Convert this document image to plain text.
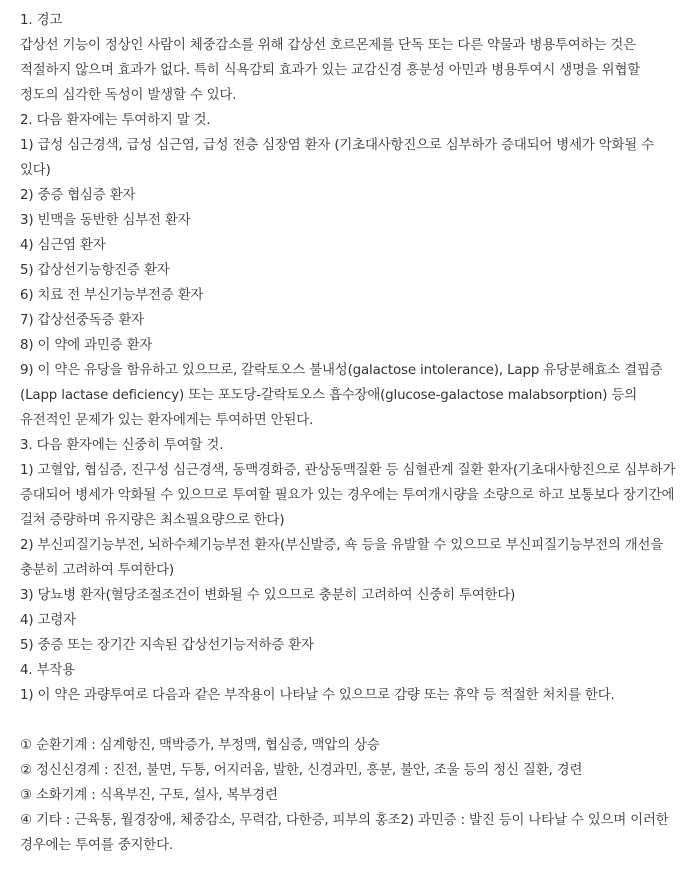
1. 경고

갑상선 기능이 정상인 사람이 체중감소를 위해 갑상선 호르몬제를 단독 또는 다른 약물과 병용투여하는 것은 적절하지 않으며 효과가 없다. 특히 식욕감퇴 효과가 있는 교감신경 흥분성 아민과 병용투여시 생명을 위협할 정도의 심각한 독성이 발생할 수 있다.

2. 다음 환자에는 투여하지 말 것.

1) 급성 심근경색, 급성 심근염, 급성 전층 심장염 환자 (기초대사항진으로 심부하가 증대되어 병세가 악화될 수 있다)

2) 중증 협심증 환자

3) 빈맥을 동반한 심부전 환자

4) 심근염 환자

5) 갑상선기능항진증 환자

6) 치료 전 부신기능부전증 환자

7) 갑상선중독증 환자

8) 이 약에 과민증 환자

9) 이 약은 유당을 함유하고 있으므로, 갈락토오스 불내성(galactose intolerance), Lapp 유당분해효소 결핍증(Lapp lactase deficiency) 또는 포도당-갈락토오스 흡수장애(glucose-galactose malabsorption) 등의 유전적인 문제가 있는 환자에게는 투여하면 안된다.

3. 다음 환자에는 신중히 투여할 것.

1) 고혈압, 협심증, 진구성 심근경색, 동맥경화증, 관상동맥질환 등 심혈관계 질환 환자(기초대사항진으로 심부하가 증대되어 병세가 악화될 수 있으므로 투여할 필요가 있는 경우에는 투여개시량을 소량으로 하고 보통보다 장기간에 걸쳐 증량하며 유지량은 최소필요량으로 한다)

2) 부신피질기능부전, 뇌하수체기능부전 환자(부신발증, 쇽 등을 유발할 수 있으므로 부신피질기능부전의 개선을 충분히 고려하여 투여한다)

3) 당뇨병 환자(혈당조절조건이 변화될 수 있으므로 충분히 고려하여 신중히 투여한다)

4) 고령자

5) 중증 또는 장기간 지속된 갑상선기능저하증 환자

4. 부작용

1) 이 약은 과량투여로 다음과 같은 부작용이 나타날 수 있으므로 감량 또는 휴약 등 적절한 처치를 한다.

① 순환기계 : 심계항진, 맥박증가, 부정맥, 협심증, 맥압의 상승

② 정신신경계 : 진전, 불면, 두통, 어지러움, 발한, 신경과민, 흥분, 불안, 조울 등의 정신 질환, 경련

③ 소화기계 : 식욕부진, 구토, 설사, 복부경련

④ 기타 : 근육통, 월경장애, 체중감소, 무력감, 다한증, 피부의 홍조2) 과민증 : 발진 등이 나타날 수 있으며 이러한 경우에는 투여를 중지한다.
